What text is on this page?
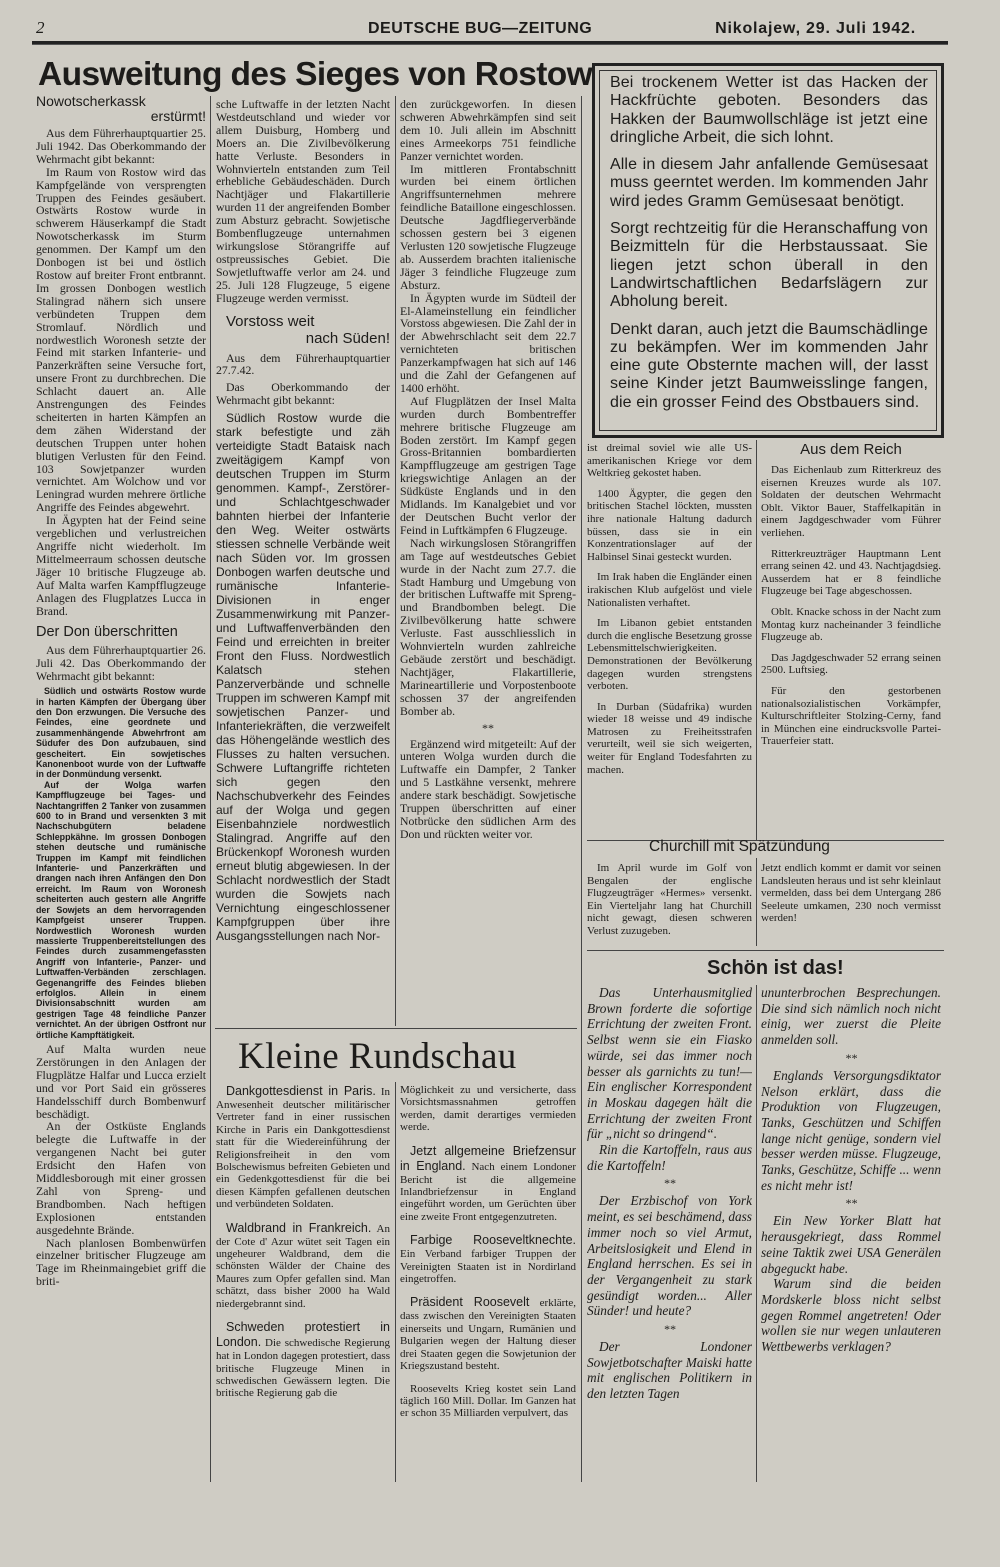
2	DEUTSCHE BUG—ZEITUNG	Nikolajew, 29. Juli 1942.
Ausweitung des Sieges von Rostow
Nowotscherkassk
erstürmt!

Aus dem Führerhauptquartier 25. Juli 1942. Das Oberkommando der Wehrmacht gibt bekannt:

Im Raum von Rostow wird das Kampfgelände von versprengten Truppen des Feindes gesäubert. Ostwärts Rostow wurde in schwerem Häuserkampf die Stadt Nowotscherkassk im Sturm genommen. Der Kampf um den Donbogen ist bei und östlich Rostow auf breiter Front entbrannt. Im grossen Donbogen westlich Stalingrad nähern sich unsere verbündeten Truppen dem Stromlauf. Nördlich und nordwestlich Woronesh setzte der Feind mit starken Infanterie- und Panzerkräften seine Versuche fort, unsere Front zu durchbrechen. Die Schlacht dauert an. Alle Anstrengungen des Feindes scheiterten in harten Kämpfen an dem zähen Widerstand der deutschen Truppen unter hohen blutigen Verlusten für den Feind. 103 Sowjetpanzer wurden vernichtet. Am Wolchow und vor Leningrad wurden mehrere örtliche Angriffe des Feindes abgewehrt.

In Ägypten hat der Feind seine vergeblichen und verlustreichen Angriffe nicht wiederholt. Im Mittelmeerraum schossen deutsche Jäger 10 britische Flugzeuge ab. Auf Malta warfen Kampfflugzeuge Anlagen des Flugplatzes Lucca in Brand.

Der Don überschritten

Aus dem Führerhauptquartier 26. Juli 42. Das Oberkommando der Wehrmacht gibt bekannt:

Südlich und ostwärts Rostow wurde in harten Kämpfen der Übergang über den Don erzwungen. Die Versuche des Feindes, eine geordnete und zusammenhängende Abwehrfront am Südufer des Don aufzubauen, sind gescheitert. Ein sowjetisches Kanonenboot wurde von der Luftwaffe in der Donmündung versenkt.

Auf der Wolga warfen Kampfflugzeuge bei Tages- und Nachtangriffen 2 Tanker von zusammen 600 to in Brand und versenkten 3 mit Nachschubgütern beladene Schleppkähne. Im grossen Donbogen stehen deutsche und rumänische Truppen im Kampf mit feindlichen Infanterie- und Panzerkräften und drangen nach ihren Anfängen den Don erreicht. Im Raum von Woronesh scheiterten auch gestern alle Angriffe der Sowjets an dem hervorragenden Kampfgeist unserer Truppen. Nordwestlich Woronesh wurden massierte Truppenbereitstellungen des Feindes durch zusammengefassten Angriff von Infanterie-, Panzer- und Luftwaffen-Verbänden zerschlagen. Gegenangriffe des Feindes blieben erfolglos. Allein in einem Divisionsabschnitt wurden am gestrigen Tage 48 feindliche Panzer vernichtet. An der übrigen Ostfront nur örtliche Kampftätigkeit.

Auf Malta wurden neue Zerstörungen in den Anlagen der Flugplätze Halfar und Lucca erzielt und vor Port Said ein grösseres Handelsschiff durch Bombenwurf beschädigt.

An der Ostküste Englands belegte die Luftwaffe in der vergangenen Nacht bei guter Erdsicht den Hafen von Middlesborough mit einer grossen Zahl von Spreng- und Brandbomben. Nach heftigen Explosionen entstanden ausgedehnte Brände.

Nach planlosen Bombenwürfen einzelner britischer Flugzeuge am Tage im Rheinmaingebiet griff die briti-

sche Luftwaffe in der letzten Nacht Westdeutschland und wieder vor allem Duisburg, Homberg und Moers an. Die Zivilbevölkerung hatte Verluste. Besonders in Wohnvierteln entstanden zum Teil erhebliche Gebäudeschäden. Durch Nachtjäger und Flakartillerie wurden 11 der angreifenden Bomber zum Absturz gebracht. Sowjetische Bombenflugzeuge unternahmen wirkungslose Störangriffe auf ostpreussisches Gebiet. Die Sowjetluftwaffe verlor am 24. und 25. Juli 128 Flugzeuge, 5 eigene Flugzeuge werden vermisst.

Vorstoss weit
nach Süden!

Aus dem Führerhauptquartier 27.7.42.

Das Oberkommando der Wehrmacht gibt bekannt:

Südlich Rostow wurde die stark befestigte und zäh verteidigte Stadt Bataisk nach zweitägigem Kampf von deutschen Truppen im Sturm genommen. Kampf-, Zerstörer- und Schlachtgeschwader bahnten hierbei der Infanterie den Weg. Weiter ostwärts stiessen schnelle Verbände weit nach Süden vor. Im grossen Donbogen warfen deutsche und rumänische Infanterie-Divisionen in enger Zusammenwirkung mit Panzer- und Luftwaffenverbänden den Feind und erreichten in breiter Front den Fluss. Nordwestlich Kalatsch stehen Panzerverbände und schnelle Truppen im schweren Kampf mit sowjetischen Panzer- und Infanteriekräften, die verzweifelt das Höhengelände westlich des Flusses zu halten versuchen. Schwere Luftangriffe richteten sich gegen den Nachschubverkehr des Feindes auf der Wolga und gegen Eisenbahnziele nordwestlich Stalingrad. Angriffe auf den Brückenkopf Woronesh wurden erneut blutig abgewiesen. In der Schlacht nordwestlich der Stadt wurden die Sowjets nach Vernichtung eingeschlossener Kampfgruppen über ihre Ausgangsstellungen nach Nor-

den zurückgeworfen. In diesen schweren Abwehrkämpfen sind seit dem 10. Juli allein im Abschnitt eines Armeekorps 751 feindliche Panzer vernichtet worden.

Im mittleren Frontabschnitt wurden bei einem örtlichen Angriffsunternehmen mehrere feindliche Bataillone eingeschlossen. Deutsche Jagdfliegerverbände schossen gestern bei 3 eigenen Verlusten 120 sowjetische Flugzeuge ab. Ausserdem brachten italienische Jäger 3 feindliche Flugzeuge zum Absturz.

In Ägypten wurde im Südteil der El-Alameinstellung ein feindlicher Vorstoss abgewiesen. Die Zahl der in der Abwehrschlacht seit dem 22.7 vernichteten britischen Panzerkampfwagen hat sich auf 146 und die Zahl der Gefangenen auf 1400 erhöht.

Auf Flugplätzen der Insel Malta wurden durch Bombentreffer mehrere britische Flugzeuge am Boden zerstört. Im Kampf gegen Gross-Britannien bombardierten Kampfflugzeuge am gestrigen Tage kriegswichtige Anlagen an der Südküste Englands und in den Midlands. Im Kanalgebiet und vor der Deutschen Bucht verlor der Feind in Luftkämpfen 6 Flugzeuge.

Nach wirkungslosen Störangriffen am Tage auf westdeutsches Gebiet wurde in der Nacht zum 27.7. die Stadt Hamburg und Umgebung von der britischen Luftwaffe mit Spreng- und Brandbomben belegt. Die Zivilbevölkerung hatte schwere Verluste. Fast ausschliesslich in Wohnvierteln wurden zahlreiche Gebäude zerstört und beschädigt. Nachtjäger, Flakartillerie, Marineartillerie und Vorpostenboote schossen 37 der angreifenden Bomber ab.

**

Ergänzend wird mitgeteilt: Auf der unteren Wolga wurden durch die Luftwaffe ein Dampfer, 2 Tanker und 5 Lastkähne versenkt, mehrere andere stark beschädigt. Sowjetische Truppen überschritten auf einer Notbrücke den südlichen Arm des Don und rückten weiter vor.

Bei trockenem Wetter ist das Hacken der Hackfrüchte geboten. Besonders das Hakken der Baumwollschläge ist jetzt eine dringliche Arbeit, die sich lohnt.

Alle in diesem Jahr anfallende Gemüsesaat muss geerntet werden. Im kommenden Jahr wird jedes Gramm Gemüsesaat benötigt.

Sorgt rechtzeitig für die Heranschaffung von Beizmitteln für die Herbstaussaat. Sie liegen jetzt schon überall in den Landwirtschaftlichen Bedarfslägern zur Abholung bereit.

Denkt daran, auch jetzt die Baumschädlinge zu bekämpfen. Wer im kommenden Jahr eine gute Obsternte machen will, der lasst seine Kinder jetzt Baumweisslinge fangen, die ein grosser Feind des Obstbauers sind.

ist dreimal soviel wie alle US-amerikanischen Kriege vor dem Weltkrieg gekostet haben.

1400 Ägypter, die gegen den britischen Stachel löckten, mussten ihre nationale Haltung dadurch büssen, dass sie in ein Konzentrationslager auf der Halbinsel Sinai gesteckt wurden.

Im Irak haben die Engländer einen irakischen Klub aufgelöst und viele Nationalisten verhaftet.

Im Libanon gebiet entstanden durch die englische Besetzung grosse Lebensmittelschwierigkeiten. Demonstrationen der Bevölkerung dagegen wurden strengstens verboten.

In Durban (Südafrika) wurden wieder 18 weisse und 49 indische Matrosen zu Freiheitsstrafen verurteilt, weil sie sich weigerten, weiter für England Todesfahrten zu machen.

Aus dem Reich

Das Eichenlaub zum Ritterkreuz des eisernen Kreuzes wurde als 107. Soldaten der deutschen Wehrmacht Oblt. Viktor Bauer, Staffelkapitän in einem Jagdgeschwader vom Führer verliehen.

Ritterkreuzträger Hauptmann Lent errang seinen 42. und 43. Nachtjagdsieg. Ausserdem hat er 8 feindliche Flugzeuge bei Tage abgeschossen.

Oblt. Knacke schoss in der Nacht zum Montag kurz nacheinander 3 feindliche Flugzeuge ab.

Das Jagdgeschwader 52 errang seinen 2500. Luftsieg.

Für den gestorbenen nationalsozialistischen Vorkämpfer, Kulturschriftleiter Stolzing-Cerny, fand in München eine eindrucksvolle Partei-Trauerfeier statt.

Churchill mit Spätzündung

Im April wurde im Golf von Bengalen der englische Flugzeugträger «Hermes» versenkt. Ein Vierteljahr lang hat Churchill nicht gewagt, diesen schweren Verlust zuzugeben.

Jetzt endlich kommt er damit vor seinen Landsleuten heraus und ist sehr kleinlaut vermelden, dass bei dem Untergang 286 Seeleute umkamen, 230 noch vermisst werden!

Schön ist das!

Das Unterhausmitglied Brown forderte die sofortige Errichtung der zweiten Front. Selbst wenn sie ein Fiasko würde, sei das immer noch besser als garnichts zu tun!— Ein englischer Korrespondent in Moskau dagegen hält die Errichtung der zweiten Front für „nicht so dringend“.

Rin die Kartoffeln, raus aus die Kartoffeln!

**

Der Erzbischof von York meint, es sei beschämend, dass immer noch so viel Armut, Arbeitslosigkeit und Elend in England herrschen. Es sei in der Vergangenheit zu stark gesündigt worden... Aller Sünder! und heute?

**

Der Londoner Sowjetbotschafter Maiski hatte mit englischen Politikern in den letzten Tagen

ununterbrochen Besprechungen. Die sind sich nämlich noch nicht einig, wer zuerst die Pleite anmelden soll.

**

Englands Versorgungsdiktator Nelson erklärt, dass die Produktion von Flugzeugen, Tanks, Geschützen und Schiffen lange nicht genüge, sondern viel besser werden müsse. Flugzeuge, Tanks, Geschütze, Schiffe ... wenn es nicht mehr ist!

**

Ein New Yorker Blatt hat herausgekriegt, dass Rommel seine Taktik zwei USA Generälen abgeguckt habe.

Warum sind die beiden Mordskerle bloss nicht selbst gegen Rommel angetreten! Oder wollen sie nur wegen unlauteren Wettbewerbs verklagen?

Kleine Rundschau

Dankgottesdienst in Paris. In Anwesenheit deutscher militärischer Vertreter fand in einer russischen Kirche in Paris ein Dankgottesdienst statt für die Wiedereinführung der Religionsfreiheit in den vom Bolschewismus befreiten Gebieten und ein Gedenkgottesdienst für die bei diesen Kämpfen gefallenen deutschen und verbündeten Soldaten.

Waldbrand in Frankreich. An der Cote d' Azur wütet seit Tagen ein ungeheurer Waldbrand, dem die schönsten Wälder der Chaine des Maures zum Opfer gefallen sind. Man schätzt, dass bisher 2000 ha Wald niedergebrannt sind.

Schweden protestiert in London. Die schwedische Regierung hat in London dagegen protestiert, dass britische Flugzeuge Minen in schwedischen Gewässern legten. Die britische Regierung gab die

Möglichkeit zu und versicherte, dass Vorsichtsmassnahmen getroffen werden, damit derartiges vermieden werde.

Jetzt allgemeine Briefzensur in England. Nach einem Londoner Bericht ist die allgemeine Inlandbriefzensur in England eingeführt worden, um Gerüchten über eine zweite Front entgegenzutreten.

Farbige Rooseveltknechte. Ein Verband farbiger Truppen der Vereinigten Staaten ist in Nordirland eingetroffen.

Präsident Roosevelt erklärte, dass zwischen den Vereinigten Staaten einerseits und Ungarn, Rumänien und Bulgarien wegen der Haltung dieser drei Staaten gegen die Sowjetunion der Kriegszustand besteht.

Roosevelts Krieg kostet sein Land täglich 160 Mill. Dollar. Im Ganzen hat er schon 35 Milliarden verpulvert, das
